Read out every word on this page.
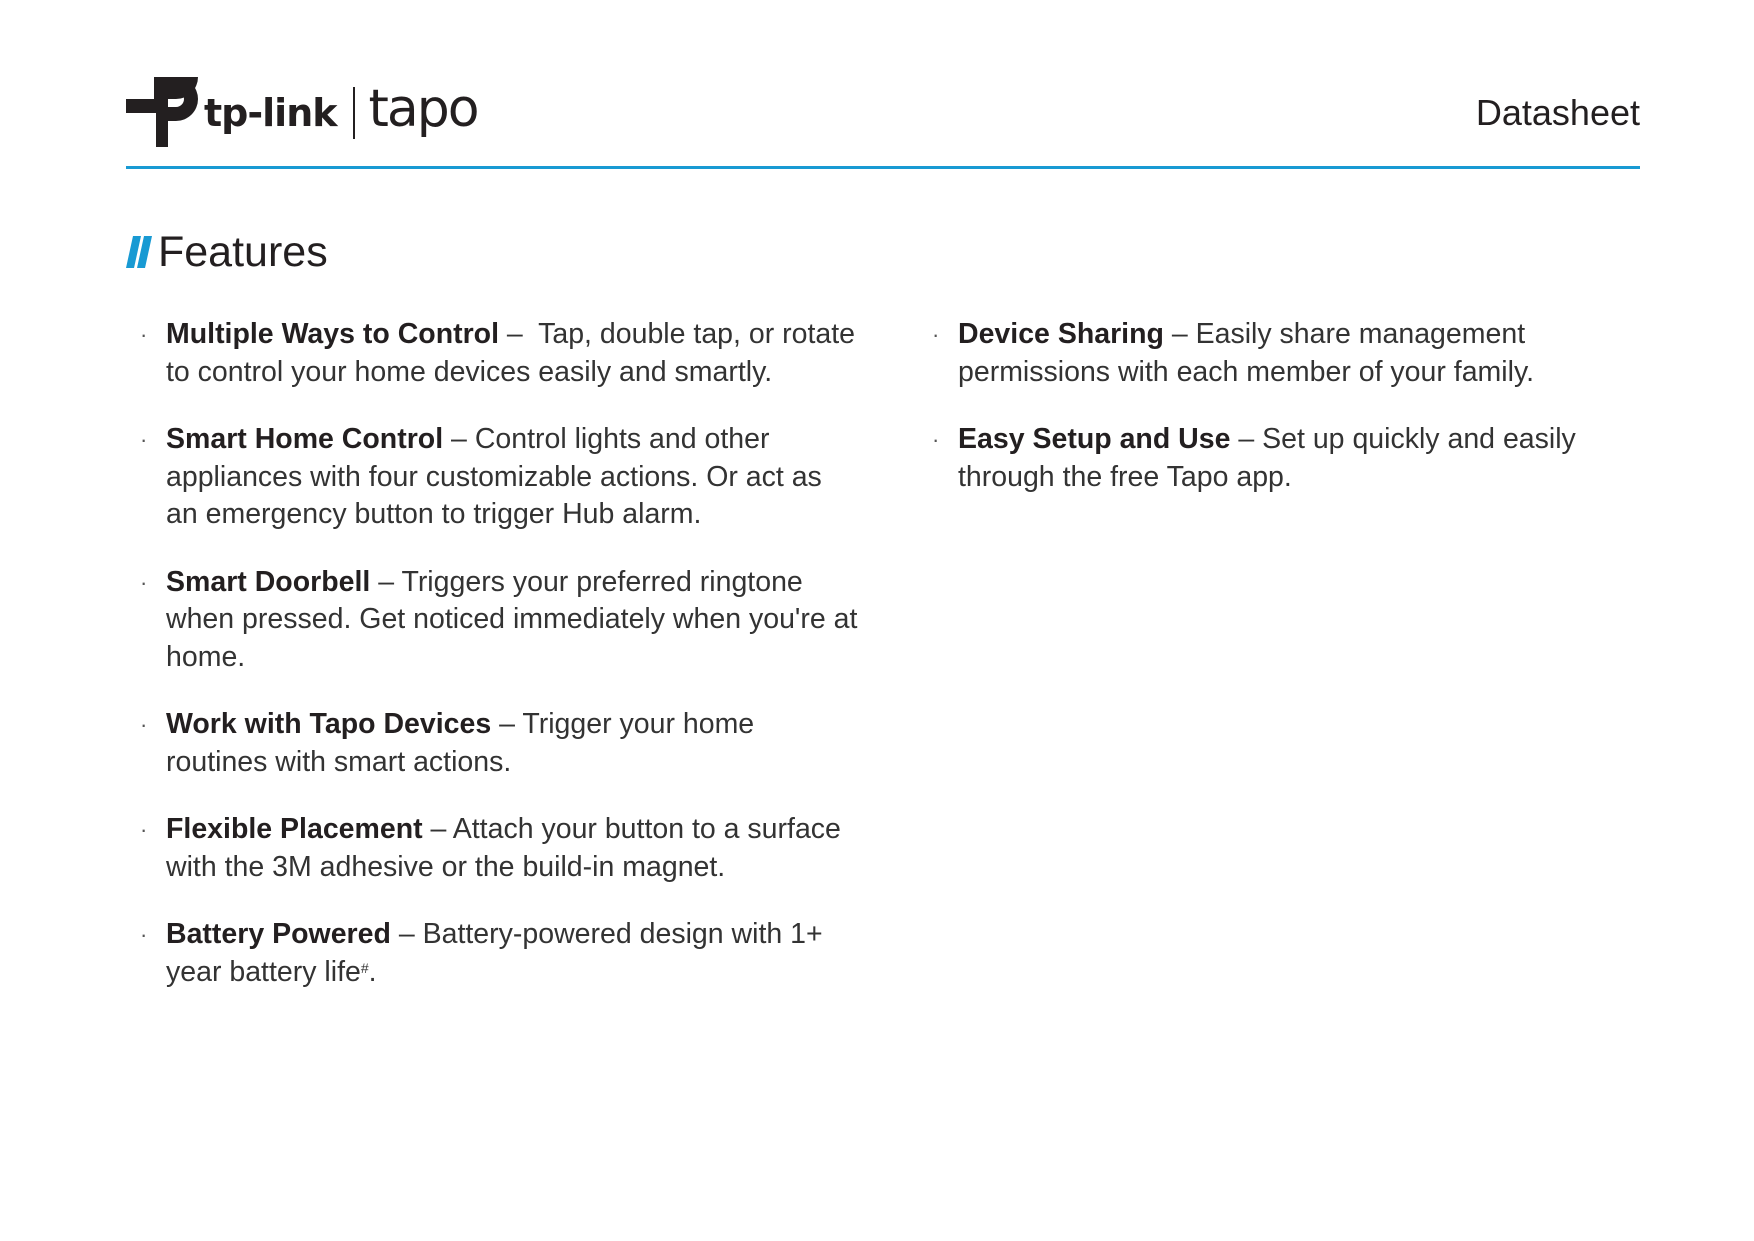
tp-link tapo	Datasheet
Features
· Multiple Ways to Control –  Tap, double tap, or rotate to control your home devices easily and smartly.
· Smart Home Control – Control lights and other appliances with four customizable actions. Or act as an emergency button to trigger Hub alarm.
· Smart Doorbell – Triggers your preferred ringtone when pressed. Get noticed immediately when you're at home.
· Work with Tapo Devices – Trigger your home routines with smart actions.
· Flexible Placement – Attach your button to a surface with the 3M adhesive or the build-in magnet.
· Battery Powered – Battery-powered design with 1+ year battery life#.
· Device Sharing – Easily share management permissions with each member of your family.
· Easy Setup and Use – Set up quickly and easily through the free Tapo app.
